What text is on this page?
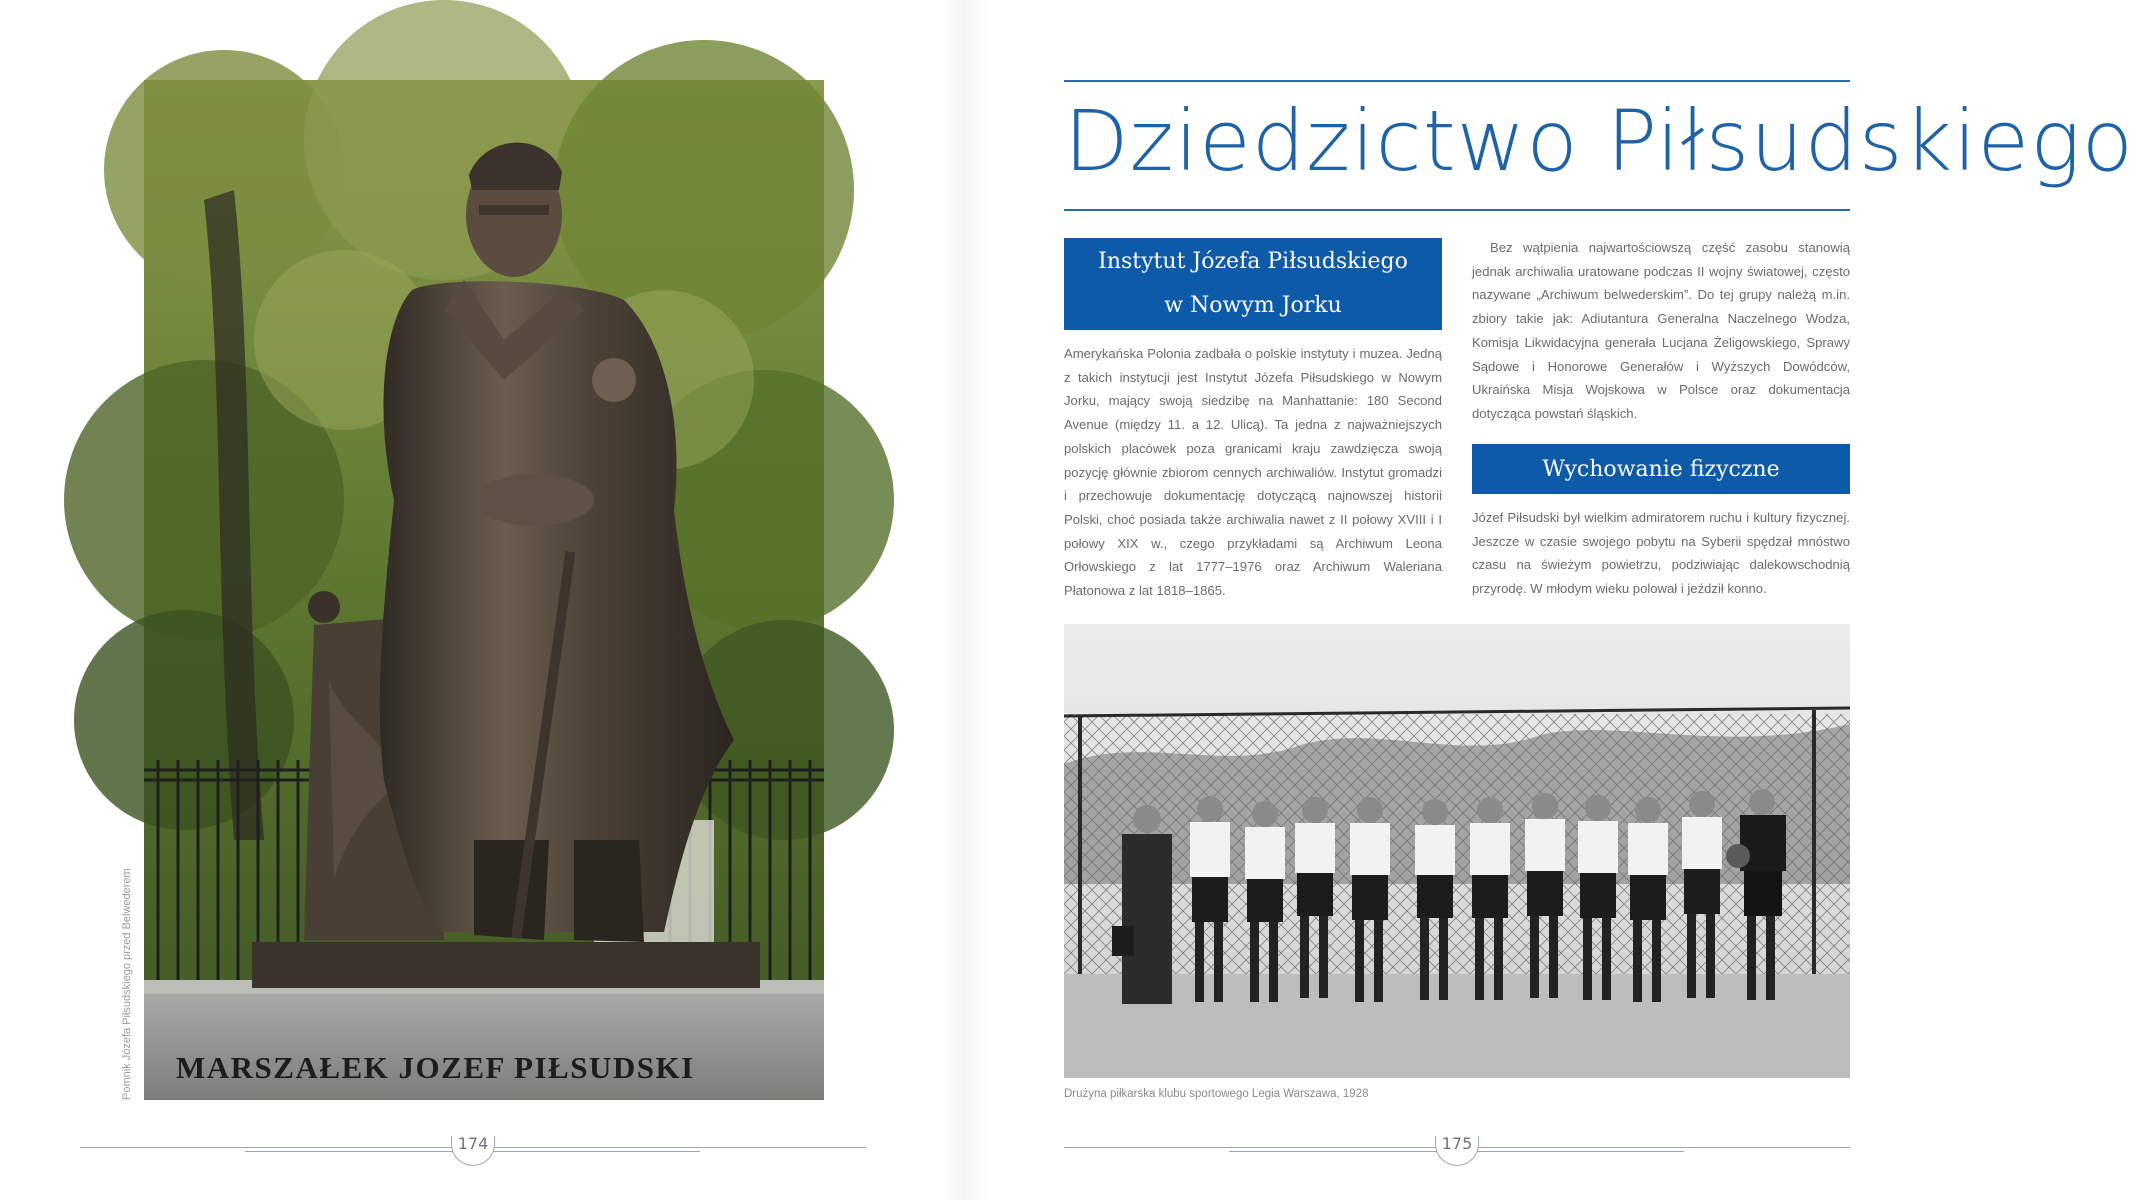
MARSZAŁEK JOZEF PIŁSUDSKI
Pomnik Józefa Piłsudskiego przed Belwederem
174
Dziedzictwo Piłsudskiego
Instytut Józefa Piłsudskiego
w Nowym Jorku
Amerykańska Polonia zadbała o polskie instytuty i muzea. Jedną z takich instytucji jest Instytut Józefa Piłsudskiego w Nowym Jorku, mający swoją siedzibę na Manhattanie: 180 Second Avenue (między 11. a 12. Ulicą). Ta jedna z najważniejszych polskich placówek poza granicami kraju zawdzięcza swoją pozycję głównie zbiorom cennych archiwaliów. Instytut gromadzi i przechowuje dokumentację dotyczącą najnowszej historii Polski, choć posiada także archiwalia nawet z II połowy XVIII i I połowy XIX w., czego przykładami są Archiwum Leona Orłowskiego z lat 1777–1976 oraz Archiwum Waleriana Płatonowa z lat 1818–1865.
Bez wątpienia najwartościowszą część zasobu stanowią jednak archiwalia uratowane podczas II wojny światowej, często nazywane „Archiwum belwederskim”. Do tej grupy należą m.in. zbiory takie jak: Adiutantura Generalna Naczelnego Wodza, Komisja Likwidacyjna generała Lucjana Żeligowskiego, Sprawy Sądowe i Honorowe Generałów i Wyższych Dowódców, Ukraińska Misja Wojskowa w Polsce oraz dokumentacja dotycząca powstań śląskich.
Wychowanie fizyczne
Józef Piłsudski był wielkim admiratorem ruchu i kultury fizycznej. Jeszcze w czasie swojego pobytu na Syberii spędzał mnóstwo czasu na świeżym powietrzu, podziwiając dalekowschodnią przyrodę. W młodym wieku polował i jeździł konno.
Drużyna piłkarska klubu sportowego Legia Warszawa, 1928
175
